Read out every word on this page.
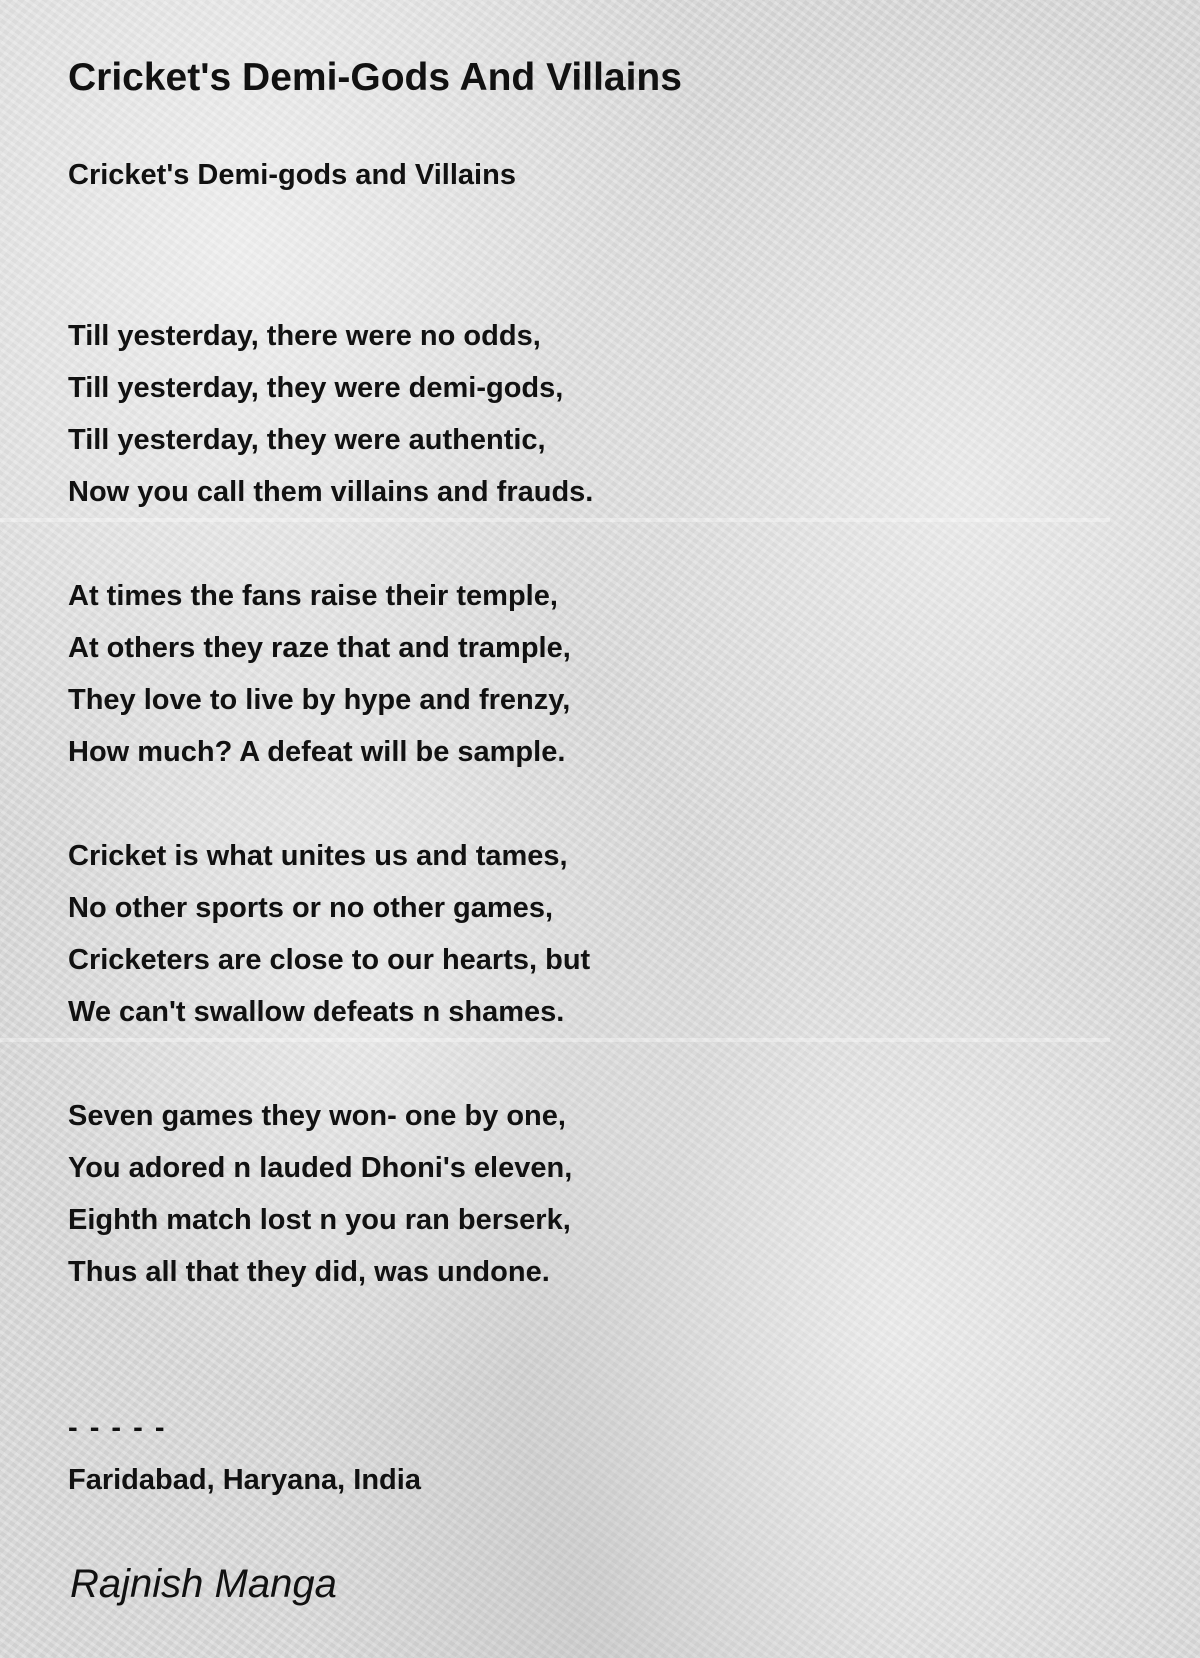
Cricket's Demi-Gods And Villains
Cricket's Demi-gods and Villains
Till yesterday, there were no odds,
Till yesterday, they were demi-gods,
Till yesterday, they were authentic,
Now you call them villains and frauds.
At times the fans raise their temple,
At others they raze that and trample,
They love to live by hype and frenzy,
How much? A defeat will be sample.
Cricket is what unites us and tames,
No other sports or no other games,
Cricketers are close to our hearts, but
We can't swallow defeats n shames.
Seven games they won- one by one,
You adored n lauded Dhoni's eleven,
Eighth match lost n you ran berserk,
Thus all that they did, was undone.
- - - - -
Faridabad, Haryana, India
Rajnish Manga
